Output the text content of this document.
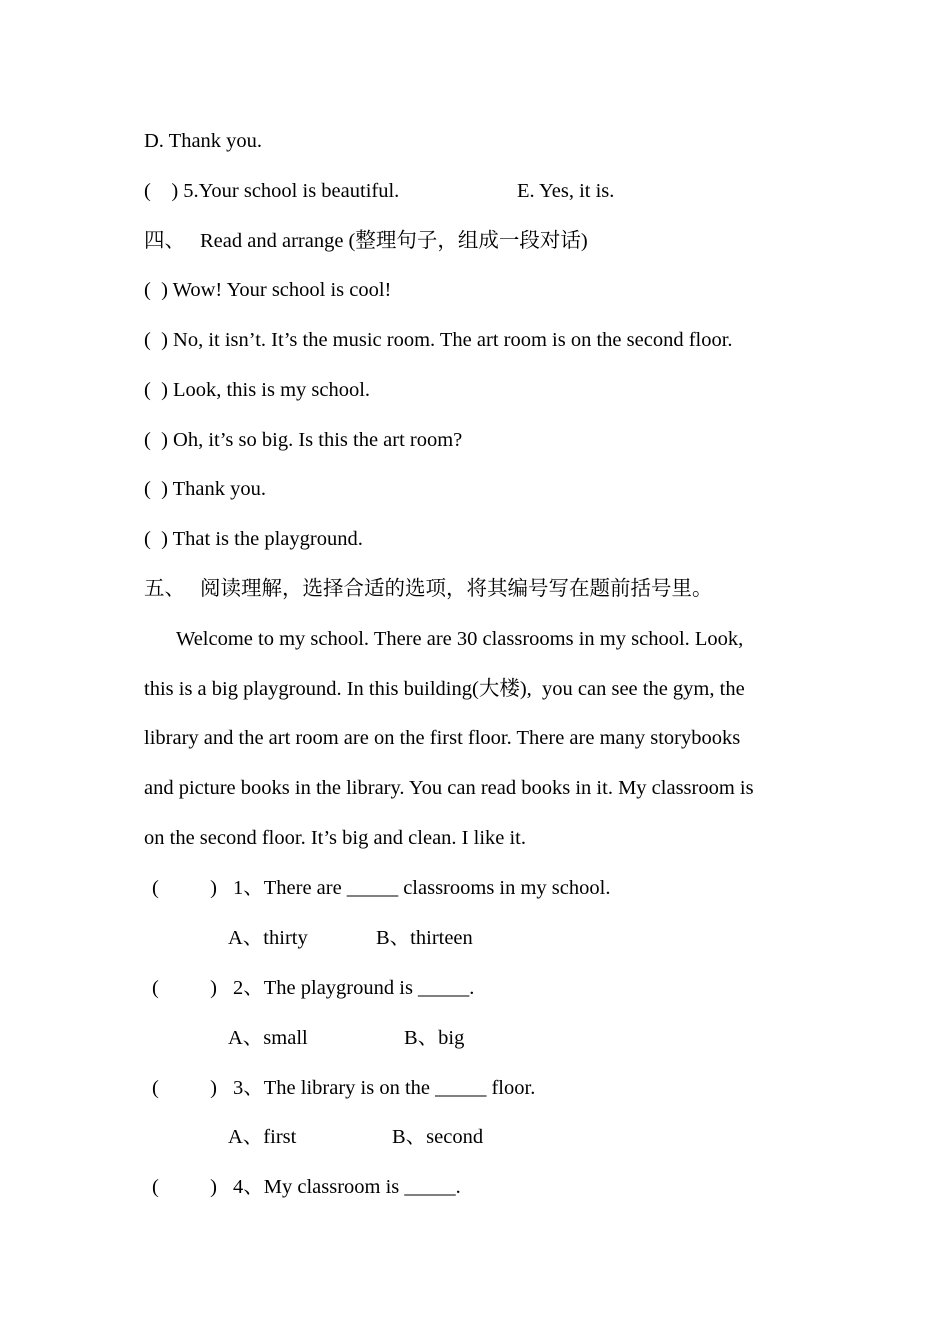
D. Thank you.
(    ) 5.Your school is beautiful.	E. Yes, it is.
四、 Read and arrange (整理句子，组成一段对话)
(  ) Wow! Your school is cool!
(  ) No, it isn’t. It’s the music room. The art room is on the second floor.
(  ) Look, this is my school.
(  ) Oh, it’s so big. Is this the art room?
(  ) Thank you.
(  ) That is the playground.
五、 阅读理解，选择合适的选项，将其编号写在题前括号里。
Welcome to my school. There are 30 classrooms in my school. Look,
this is a big playground. In this building(大楼),  you can see the gym, the
library and the art room are on the first floor. There are many storybooks
and picture books in the library. You can read books in it. My classroom is
on the second floor. It’s big and clean. I like it.
(          ) 1、There are _____ classrooms in my school.
A、thirty	B、thirteen
(          ) 2、The playground is _____.
A、small	B、big
(          ) 3、The library is on the _____ floor.
A、first	B、second
(          ) 4、My classroom is _____.
